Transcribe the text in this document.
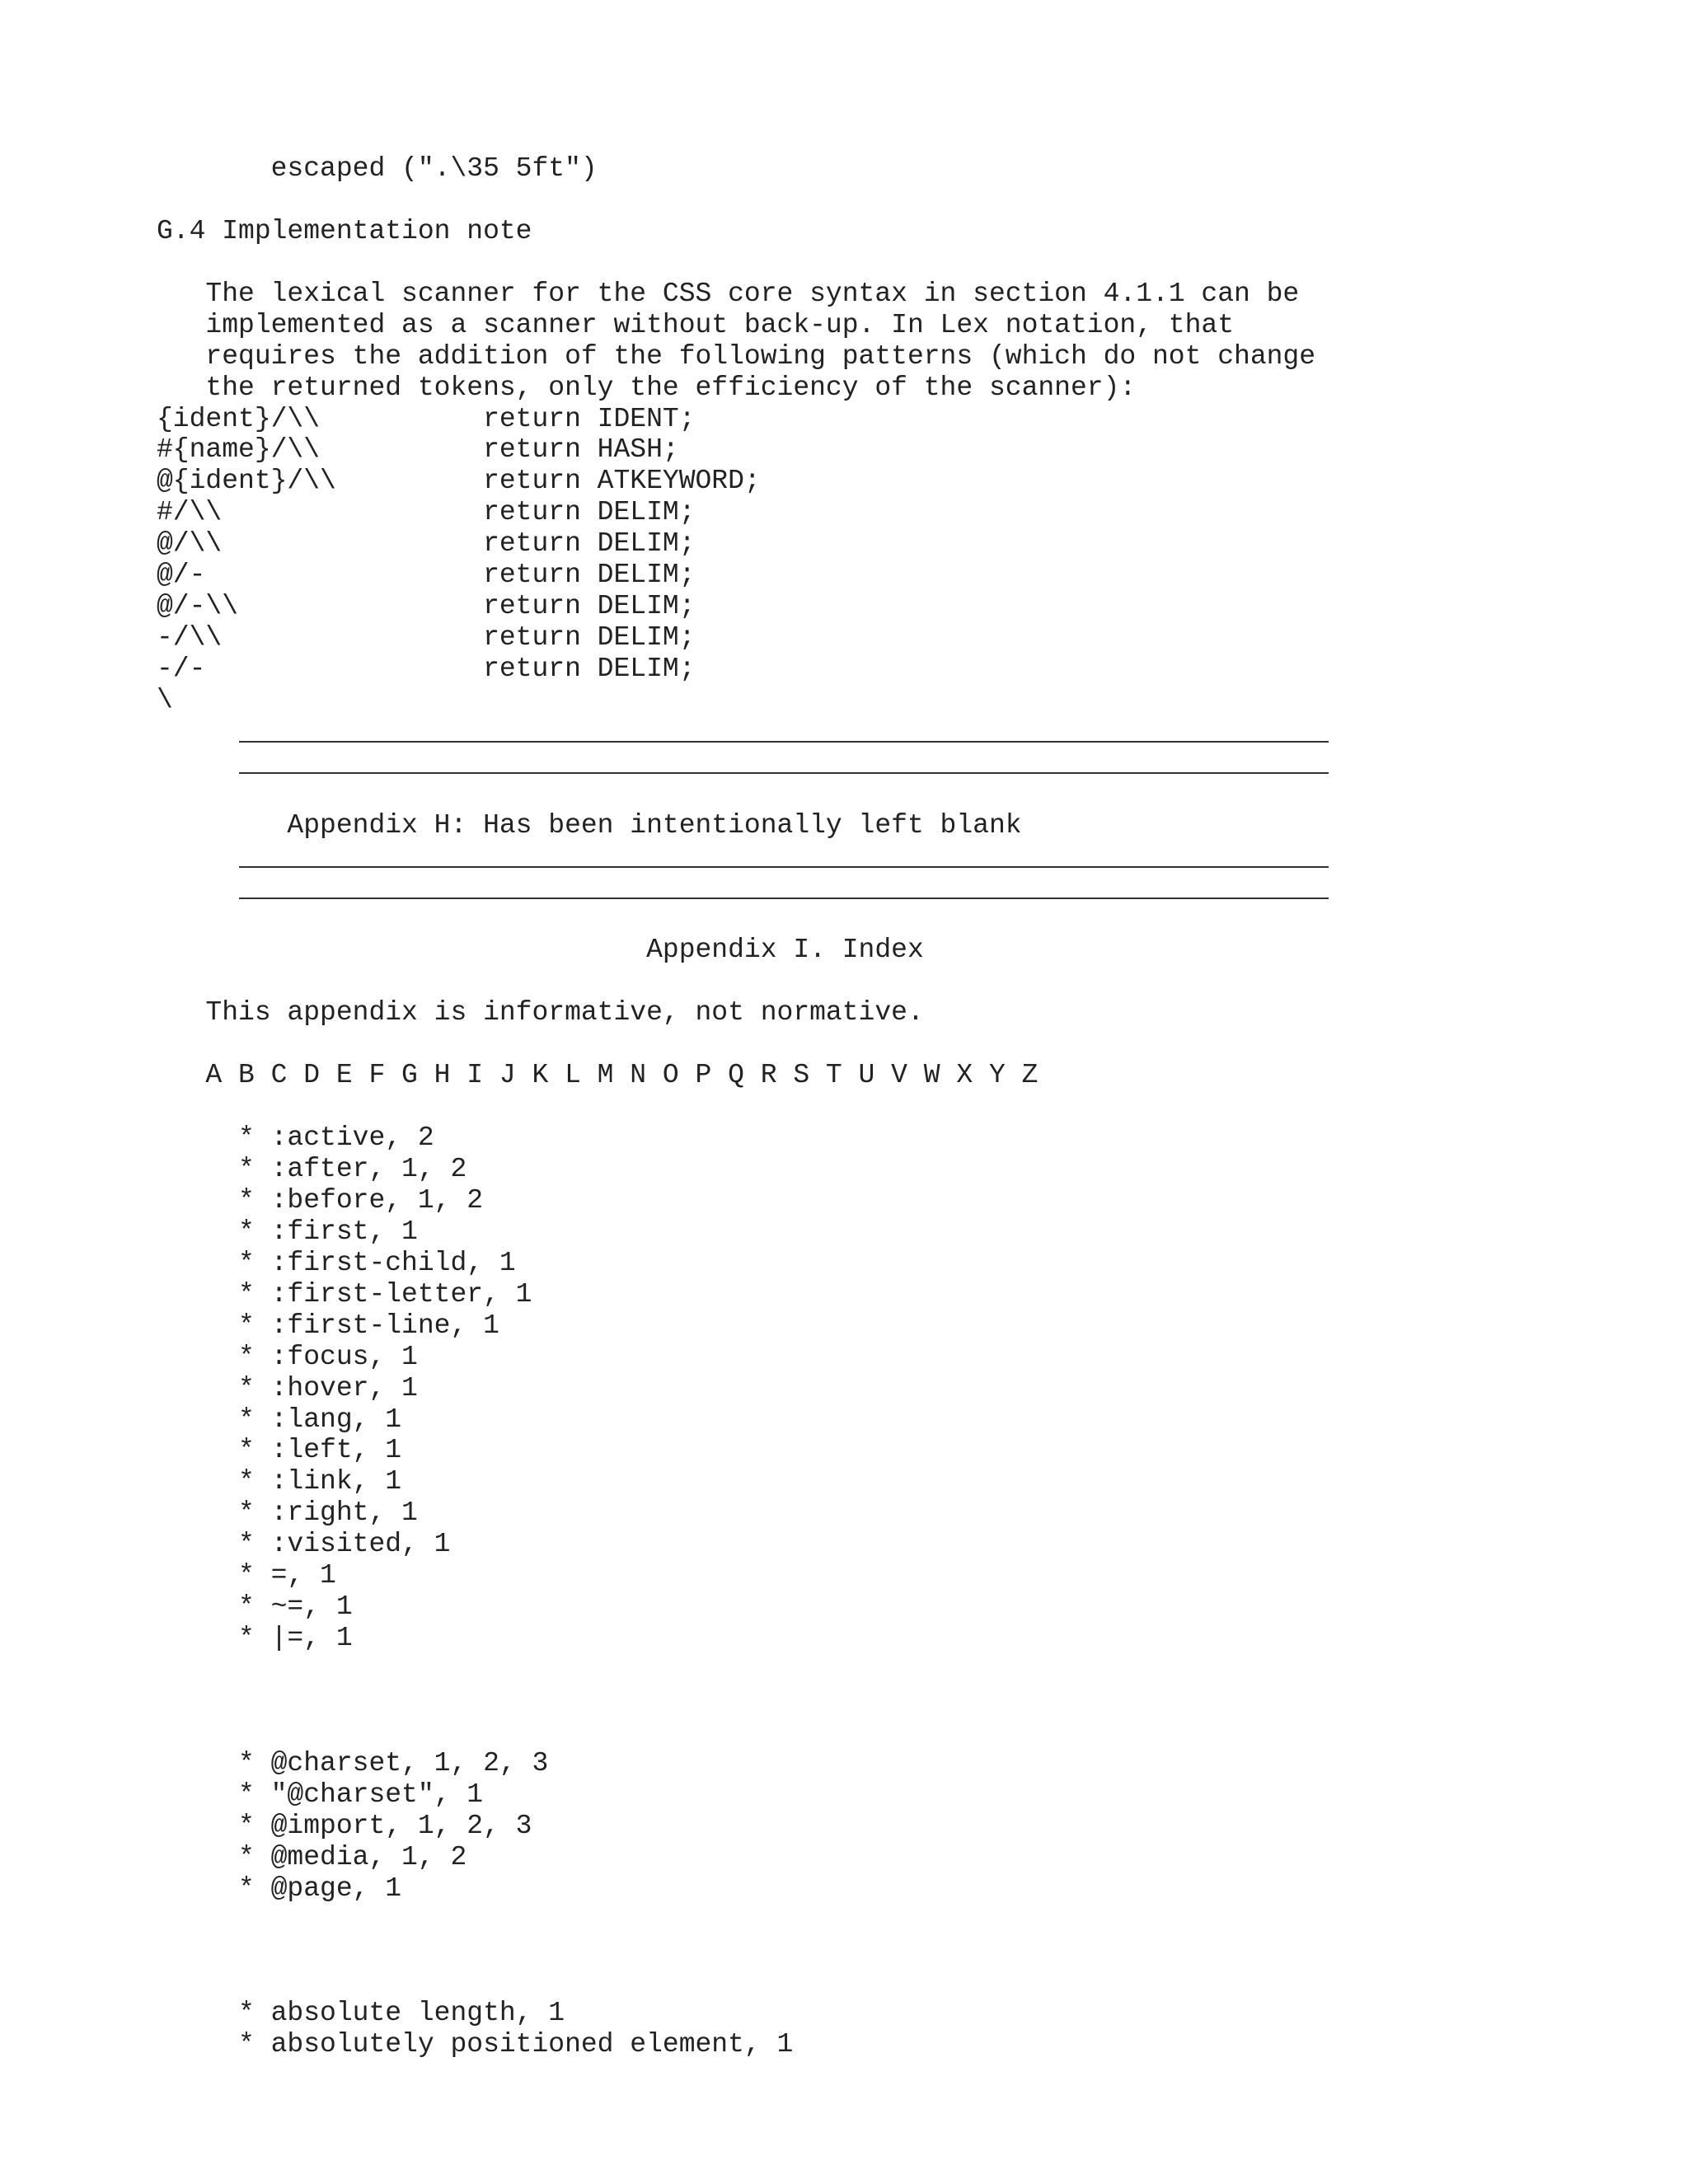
escaped (".\35 5ft")
G.4 Implementation note
The lexical scanner for the CSS core syntax in section 4.1.1 can be
implemented as a scanner without back-up. In Lex notation, that
requires the addition of the following patterns (which do not change
the returned tokens, only the efficiency of the scanner):
{ident}/\\          return IDENT;
#{name}/\\          return HASH;
@{ident}/\\         return ATKEYWORD;
#/\\                return DELIM;
@/\\                return DELIM;
@/-                 return DELIM;
@/-\\               return DELIM;
-/\\                return DELIM;
-/-                 return DELIM;
\
Appendix H: Has been intentionally left blank
Appendix I. Index
This appendix is informative, not normative.
A B C D E F G H I J K L M N O P Q R S T U V W X Y Z
* :active, 2
* :after, 1, 2
* :before, 1, 2
* :first, 1
* :first-child, 1
* :first-letter, 1
* :first-line, 1
* :focus, 1
* :hover, 1
* :lang, 1
* :left, 1
* :link, 1
* :right, 1
* :visited, 1
* =, 1
* ~=, 1
* |=, 1
* @charset, 1, 2, 3
* "@charset", 1
* @import, 1, 2, 3
* @media, 1, 2
* @page, 1
* absolute length, 1
* absolutely positioned element, 1
